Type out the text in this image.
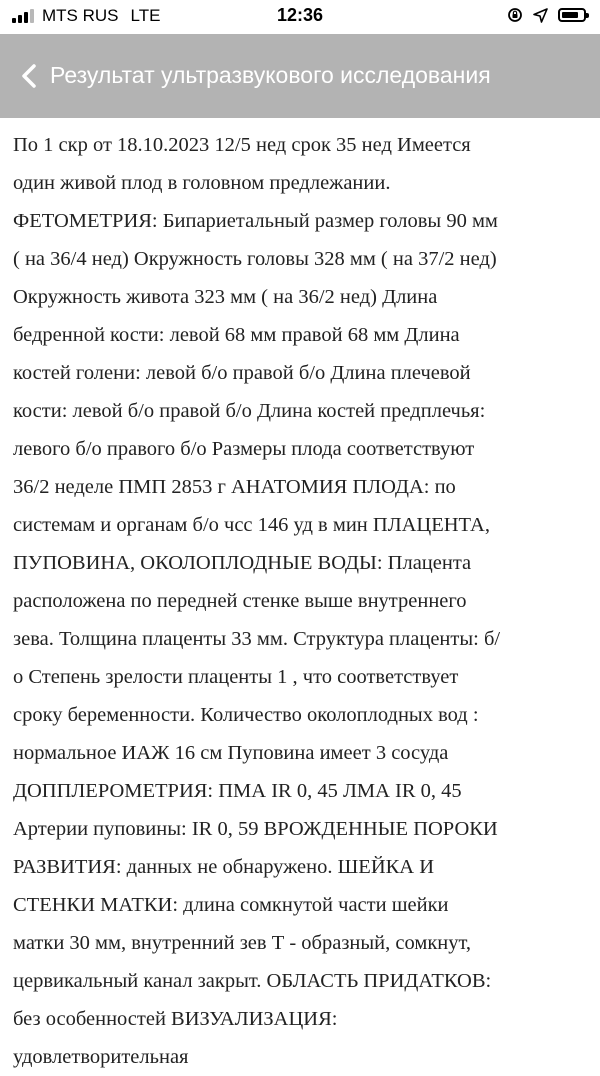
MTS RUS LTE	12:36
Результат ультразвукового исследования

По 1 скр от 18.10.2023 12/5 нед срок 35 нед Имеется

один живой плод в головном предлежании.

ФЕТОМЕТРИЯ: Бипариетальный размер головы 90 мм

( на 36/4 нед) Окружность головы 328 мм ( на 37/2 нед)

Окружность живота 323 мм ( на 36/2 нед) Длина

бедренной кости: левой 68 мм правой 68 мм Длина

костей голени: левой б/о правой б/о Длина плечевой

кости: левой б/о правой б/о Длина костей предплечья:

левого б/о правого б/о Размеры плода соответствуют

36/2 неделе ПМП 2853 г АНАТОМИЯ ПЛОДА: по

системам и органам б/о чсс 146 уд в мин ПЛАЦЕНТА,

ПУПОВИНА, ОКОЛОПЛОДНЫЕ ВОДЫ: Плацента

расположена по передней стенке выше внутреннего

зева. Толщина плаценты 33 мм. Структура плаценты: б/

о Степень зрелости плаценты 1 , что соответствует

сроку беременности. Количество околоплодных вод :

нормальное ИАЖ 16 см Пуповина имеет 3 сосуда

ДОППЛЕРОМЕТРИЯ: ПМА IR 0, 45 ЛМА IR 0, 45

Артерии пуповины: IR 0, 59 ВРОЖДЕННЫЕ ПОРОКИ

РАЗВИТИЯ: данных не обнаружено. ШЕЙКА И

СТЕНКИ МАТКИ: длина сомкнутой части шейки

матки 30 мм, внутренний зев Т - образный, сомкнут,

цервикальный канал закрыт. ОБЛАСТЬ ПРИДАТКОВ:

без особенностей ВИЗУАЛИЗАЦИЯ:

удовлетворительная
